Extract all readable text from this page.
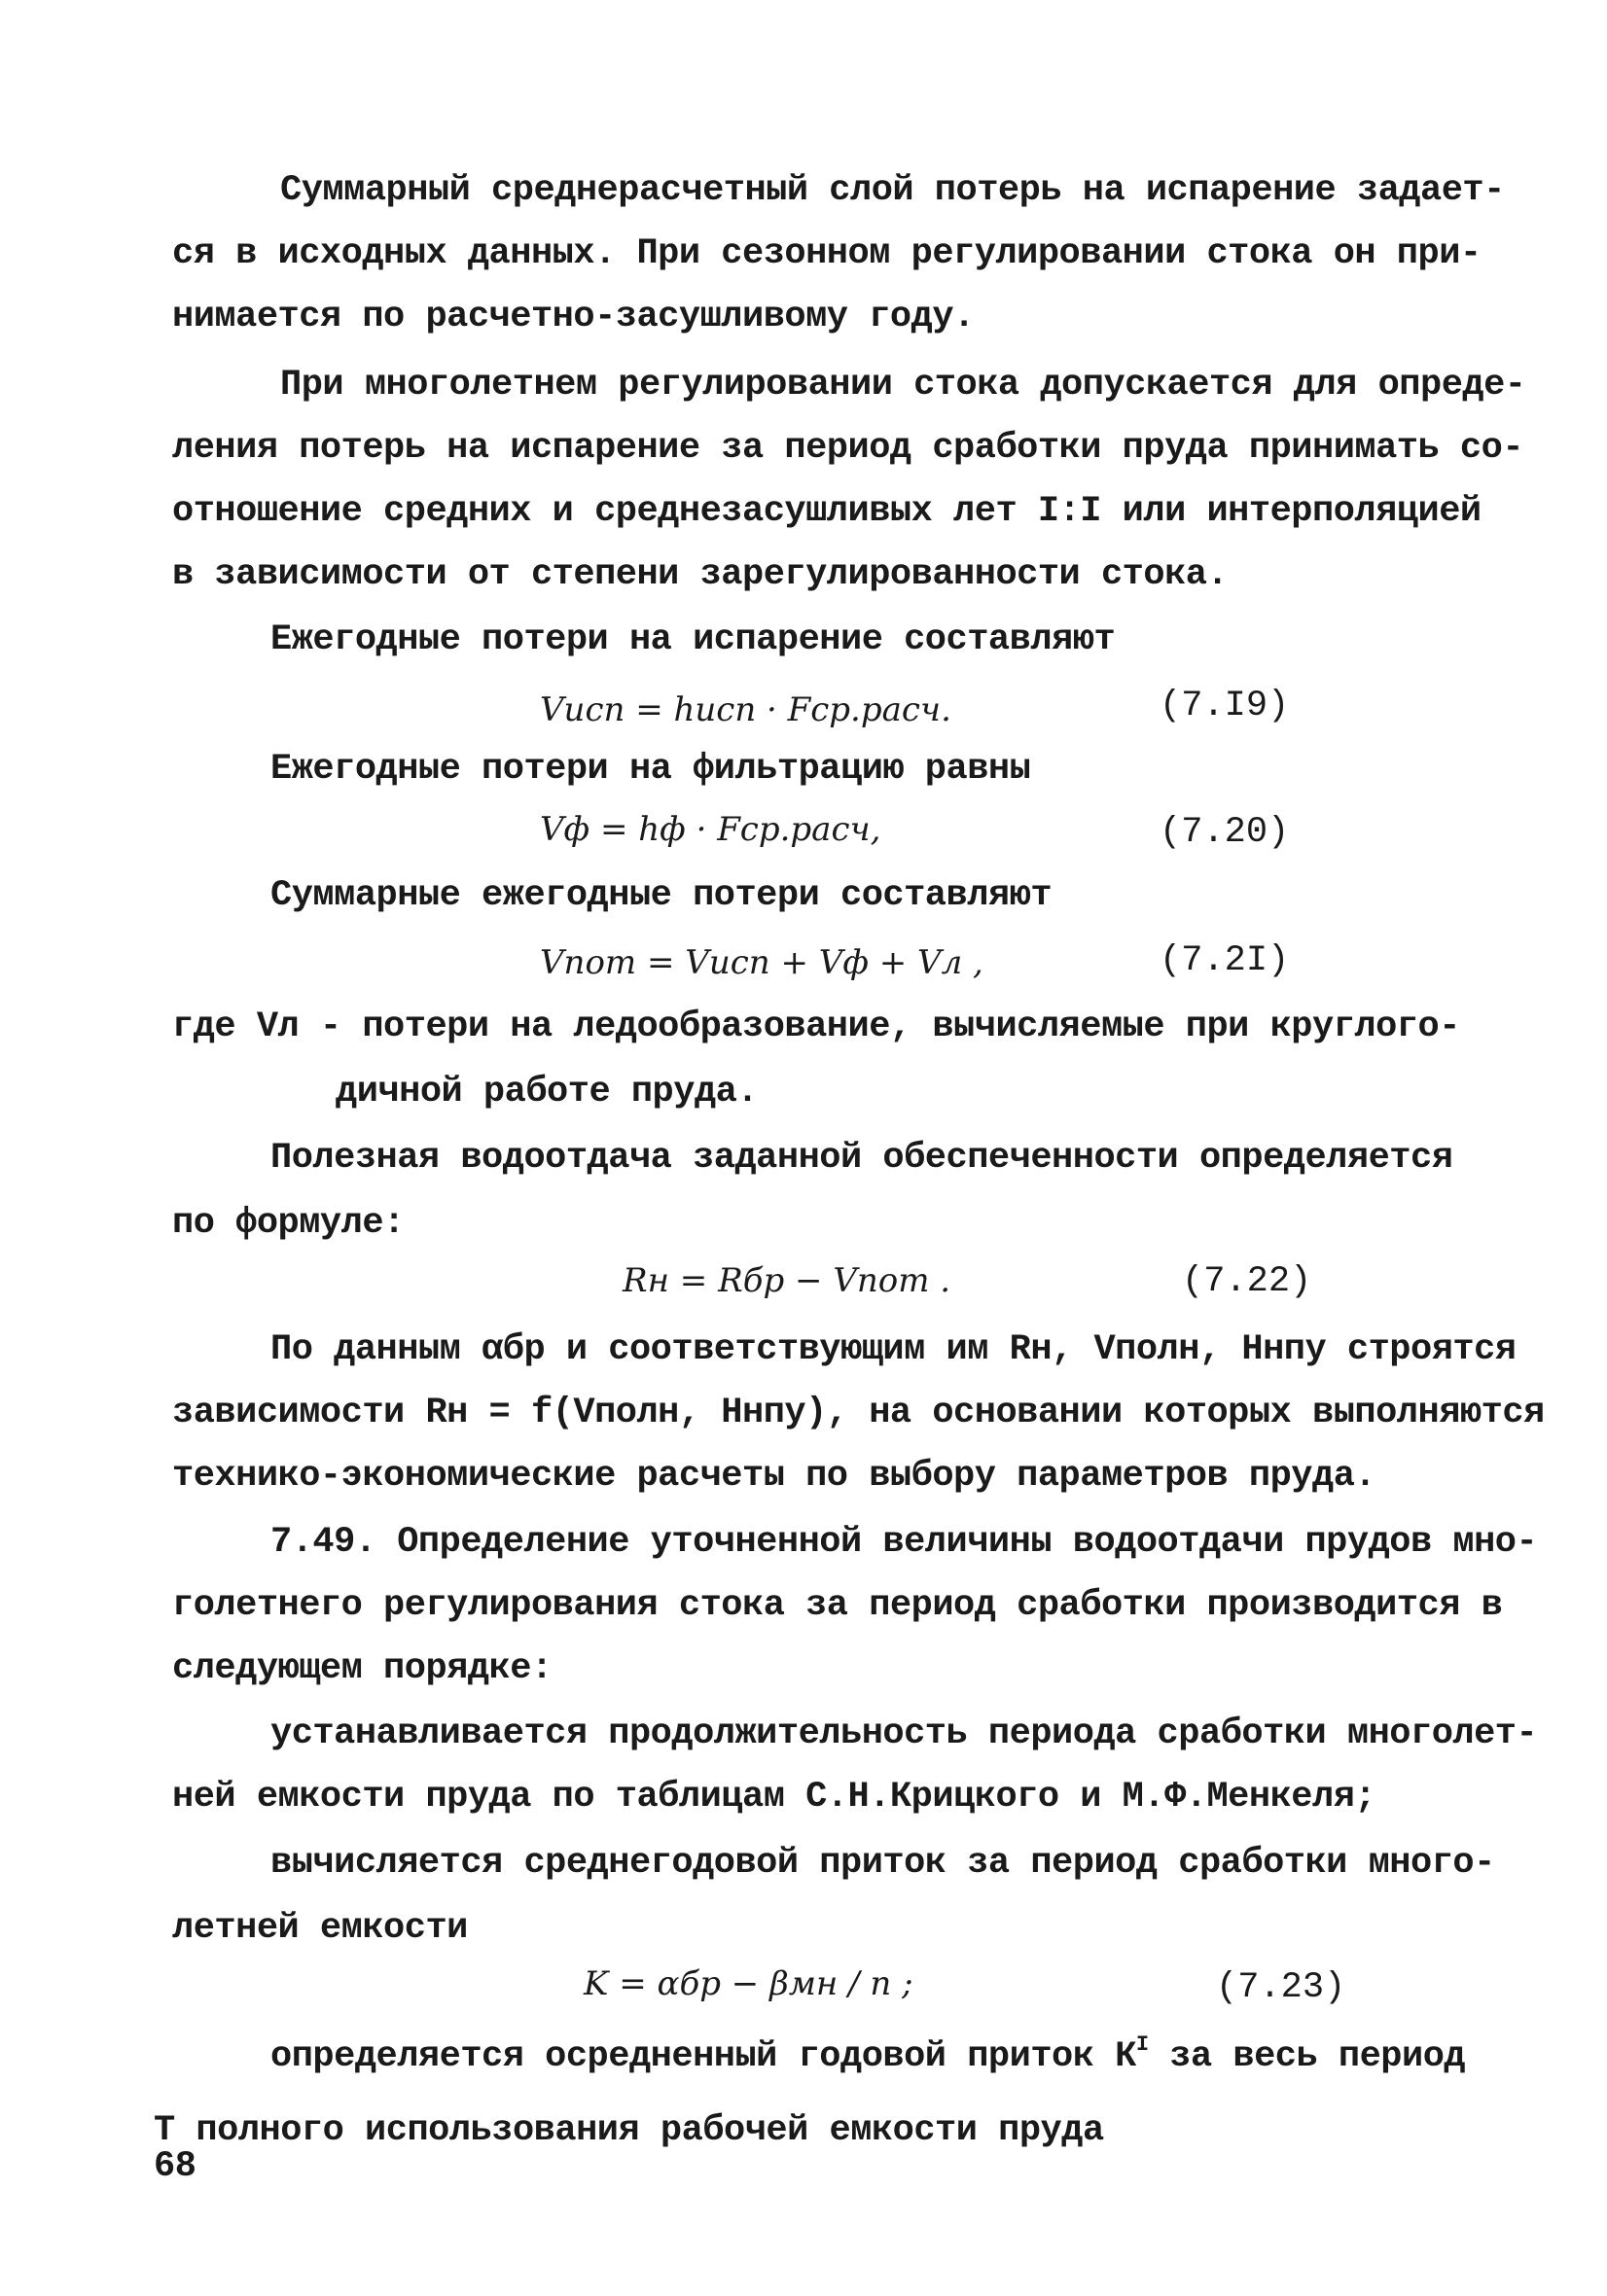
Суммарный среднерасчетный слой потерь на испарение задает-
ся в исходных данных. При сезонном регулировании стока он при-
нимается по расчетно-засушливому году.
При многолетнем регулировании стока допускается для опреде-
ления потерь на испарение за период сработки пруда принимать со-
отношение средних и среднезасушливых лет I:I или интерполяцией
в зависимости от степени зарегулированности стока.
Ежегодные потери на испарение составляют
Vисп = hисп · Fср.расч.	(7.I9)
Ежегодные потери на фильтрацию равны
Vф = hф · Fср.расч,	(7.20)
Суммарные ежегодные потери составляют
Vпот = Vисп + Vф + Vл ,	(7.2I)
где Vл - потери на ледообразование, вычисляемые при круглого-
дичной работе пруда.
Полезная водоотдача заданной обеспеченности определяется
по формуле:
Rн = Rбр − Vпот .	(7.22)
По данным αбр и соответствующим им Rн, Vполн, Hнпу строятся
зависимости Rн = f(Vполн, Hнпу), на основании которых выполняются
технико-экономические расчеты по выбору параметров пруда.
7.49. Определение уточненной величины водоотдачи прудов мно-
голетнего регулирования стока за период сработки производится в
следующем порядке:
устанавливается продолжительность периода сработки многолет-
ней емкости пруда по таблицам С.Н.Крицкого и М.Ф.Менкеля;
вычисляется среднегодовой приток за период сработки много-
летней емкости
K = αбр − βмн / n ;	(7.23)
определяется осредненный годовой приток $К^I$ за весь период
Т полного использования рабочей емкости пруда
68
